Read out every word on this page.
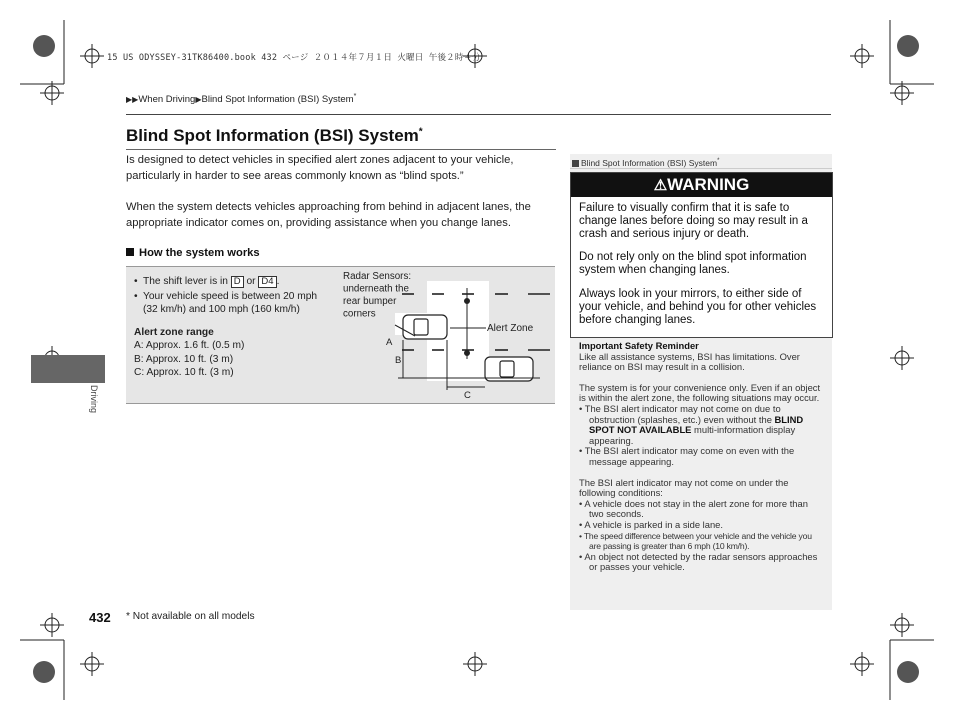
15 US ODYSSEY-31TK86400.book 432 ページ ２０１４年７月１日 火曜日 午後２時４分
▶▶When Driving▶Blind Spot Information (BSI) System*
Blind Spot Information (BSI) System*
Is designed to detect vehicles in specified alert zones adjacent to your vehicle, particularly in harder to see areas commonly known as “blind spots.”
When the system detects vehicles approaching from behind in adjacent lanes, the appropriate indicator comes on, providing assistance when you change lanes.
How the system works
• The shift lever is in D or D4 .
• Your vehicle speed is between 20 mph (32 km/h) and 100 mph (160 km/h)
Alert zone range
A: Approx. 1.6 ft. (0.5 m)
B: Approx. 10 ft. (3 m)
C: Approx. 10 ft. (3 m)
Radar Sensors: underneath the rear bumper corners
Alert Zone
A
B
C
Driving
432 * Not available on all models
Blind Spot Information (BSI) System*
⚠WARNING
Failure to visually confirm that it is safe to change lanes before doing so may result in a crash and serious injury or death.
Do not rely only on the blind spot information system when changing lanes.
Always look in your mirrors, to either side of your vehicle, and behind you for other vehicles before changing lanes.
Important Safety Reminder
Like all assistance systems, BSI has limitations. Over reliance on BSI may result in a collision.
The system is for your convenience only. Even if an object is within the alert zone, the following situations may occur.
• The BSI alert indicator may not come on due to obstruction (splashes, etc.) even without the BLIND SPOT NOT AVAILABLE multi-information display appearing.
• The BSI alert indicator may come on even with the message appearing.
The BSI alert indicator may not come on under the following conditions:
• A vehicle does not stay in the alert zone for more than two seconds.
• A vehicle is parked in a side lane.
• The speed difference between your vehicle and the vehicle you are passing is greater than 6 mph (10 km/h).
• An object not detected by the radar sensors approaches or passes your vehicle.
